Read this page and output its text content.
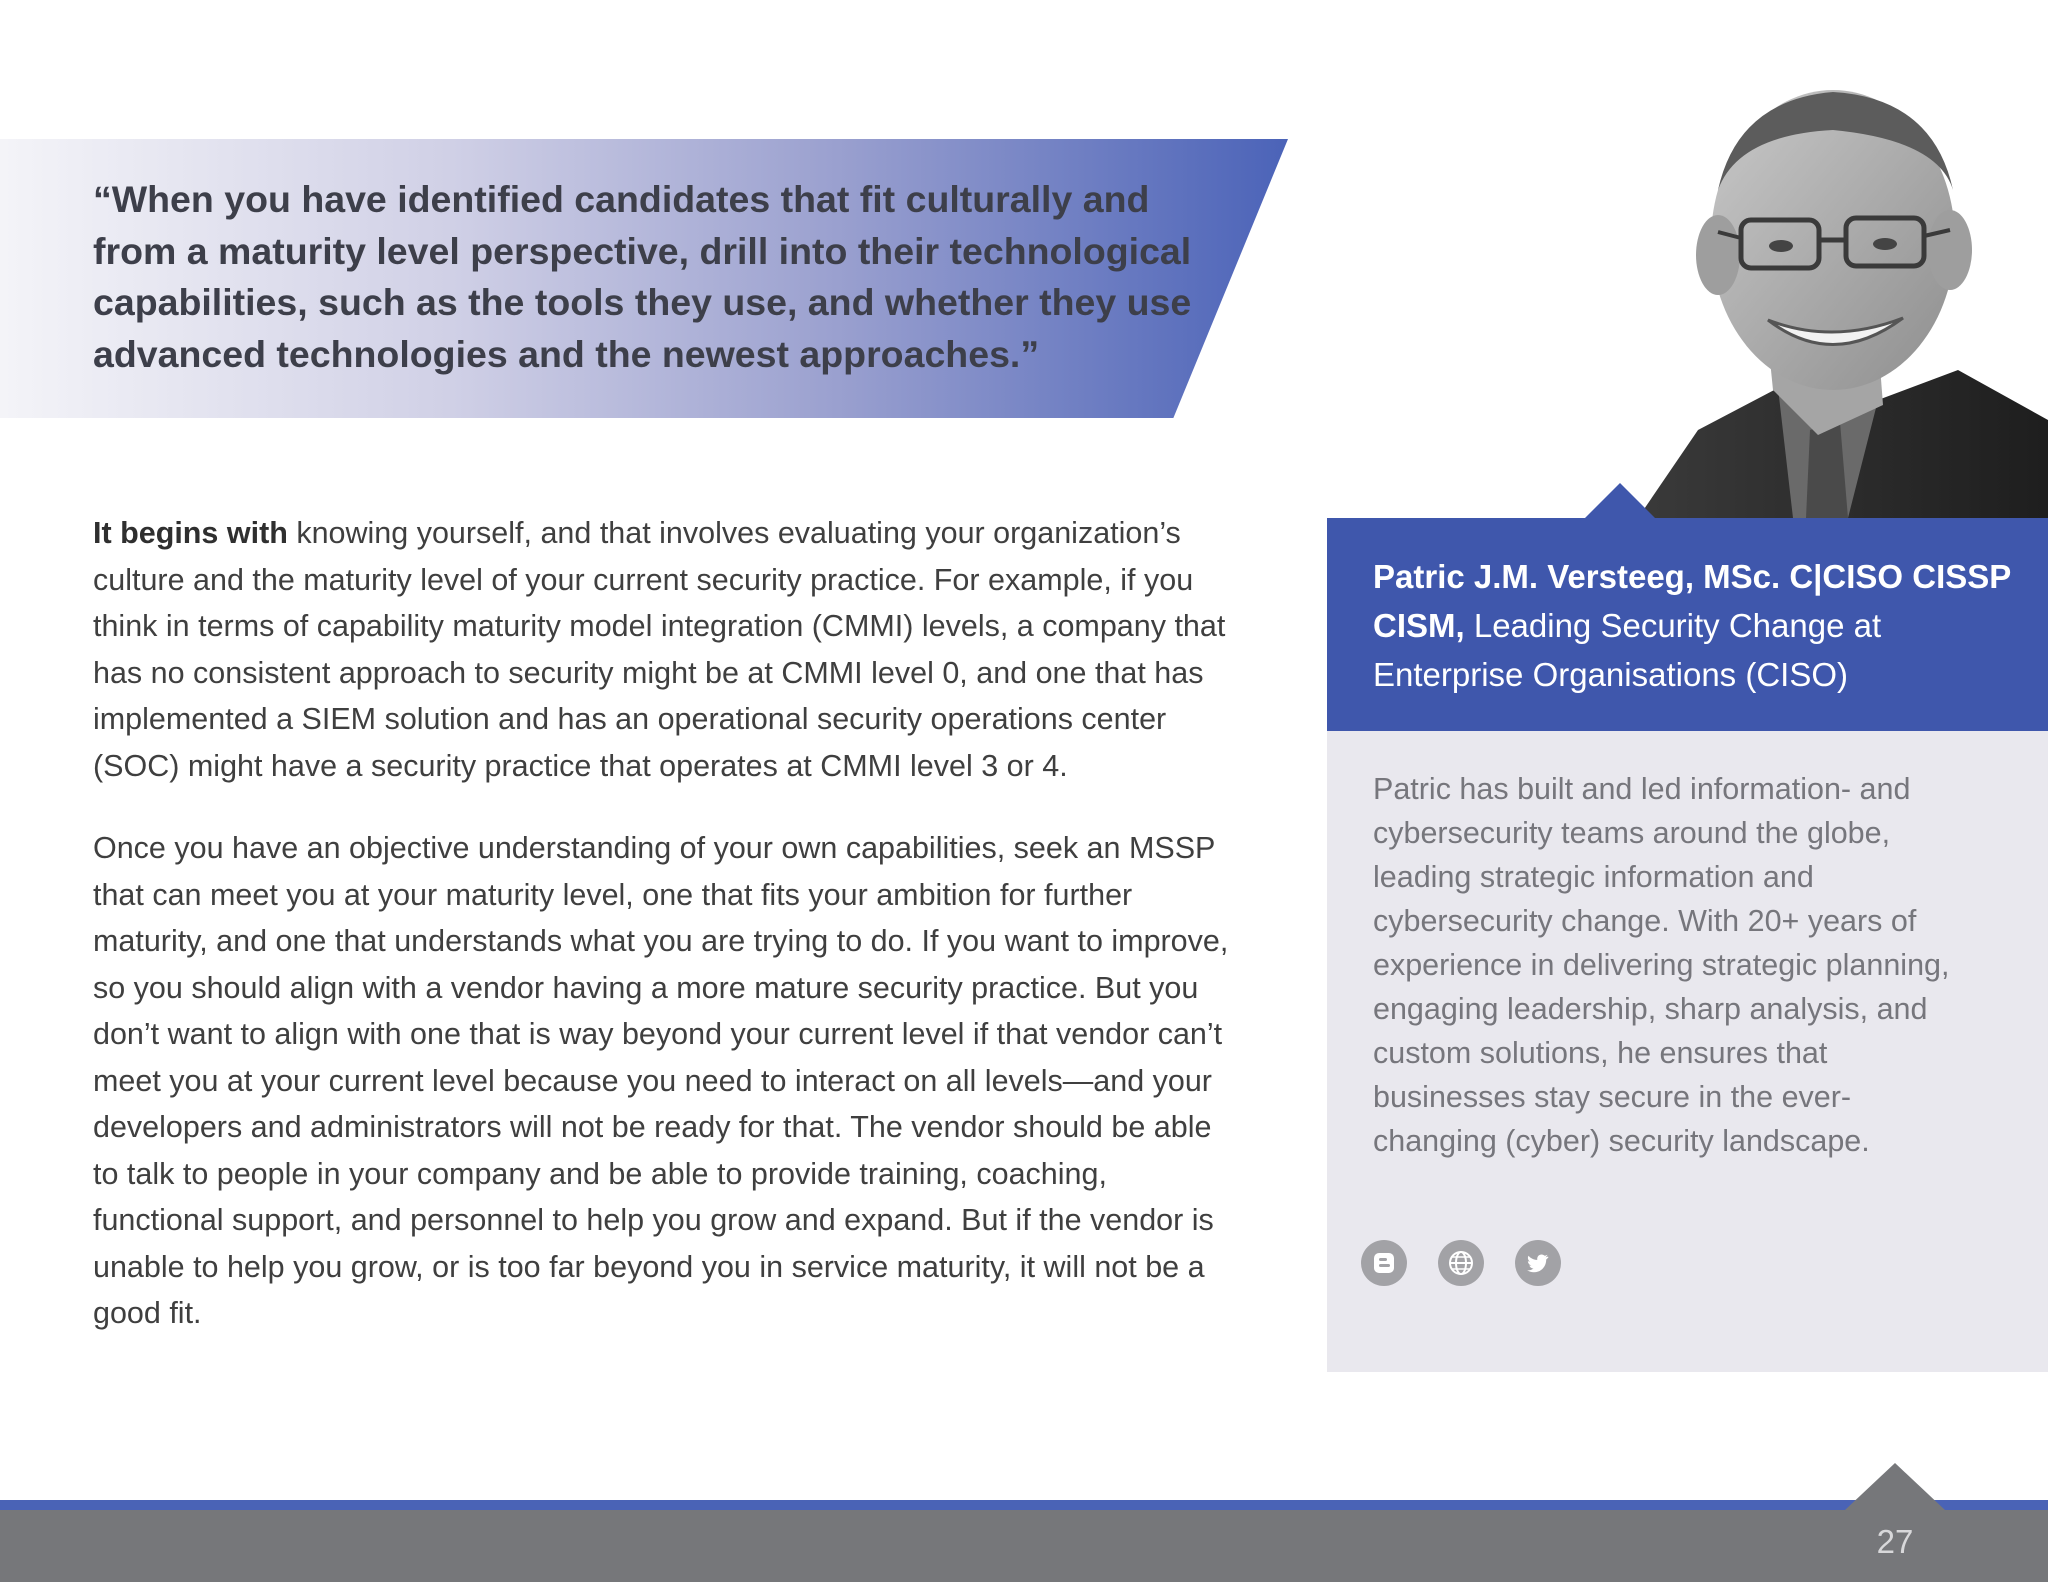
“When you have identified candidates that fit culturally and from a maturity level perspective, drill into their technological capabilities, such as the tools they use, and whether they use advanced technologies and the newest approaches.”

It begins with knowing yourself, and that involves evaluating your organization’s culture and the maturity level of your current security practice. For example, if you think in terms of capability maturity model integration (CMMI) levels, a company that has no consistent approach to security might be at CMMI level 0, and one that has implemented a SIEM solution and has an operational security operations center (SOC) might have a security practice that operates at CMMI level 3 or 4.

Once you have an objective understanding of your own capabilities, seek an MSSP that can meet you at your maturity level, one that fits your ambition for further maturity, and one that understands what you are trying to do. If you want to improve, so you should align with a vendor having a more mature security practice. But you don’t want to align with one that is way beyond your current level if that vendor can’t meet you at your current level because you need to interact on all levels—and your developers and administrators will not be ready for that. The vendor should be able to talk to people in your company and be able to provide training, coaching, functional support, and personnel to help you grow and expand. But if the vendor is unable to help you grow, or is too far beyond you in service maturity, it will not be a good fit.

Patric J.M. Versteeg, MSc. C|CISO CISSP CISM, Leading Security Change at Enterprise Organisations (CISO)

Patric has built and led information- and cybersecurity teams around the globe, leading strategic information and cybersecurity change. With 20+ years of experience in delivering strategic planning, engaging leadership, sharp analysis, and custom solutions, he ensures that businesses stay secure in the ever-changing (cyber) security landscape.

27
